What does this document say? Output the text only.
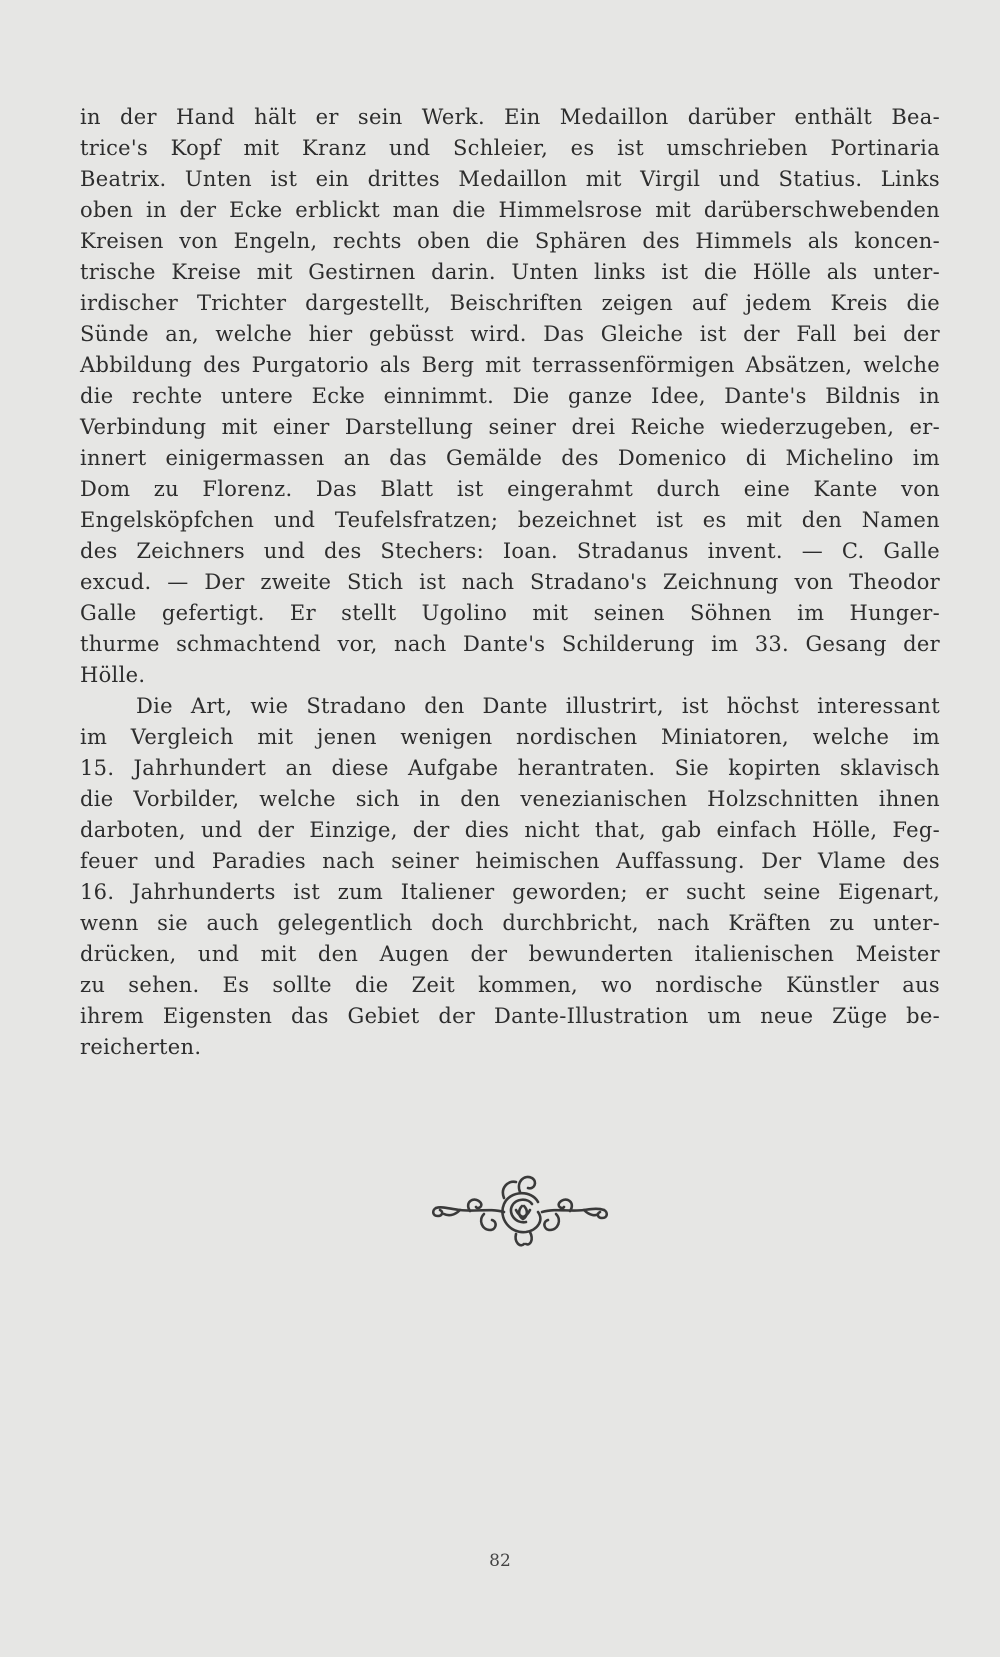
in der Hand hält er sein Werk. Ein Medaillon darüber enthält Bea-
trice's Kopf mit Kranz und Schleier, es ist umschrieben Portinaria
Beatrix. Unten ist ein drittes Medaillon mit Virgil und Statius. Links
oben in der Ecke erblickt man die Himmelsrose mit darüberschwebenden
Kreisen von Engeln, rechts oben die Sphären des Himmels als koncen-
trische Kreise mit Gestirnen darin. Unten links ist die Hölle als unter-
irdischer Trichter dargestellt, Beischriften zeigen auf jedem Kreis die
Sünde an, welche hier gebüsst wird. Das Gleiche ist der Fall bei der
Abbildung des Purgatorio als Berg mit terrassenförmigen Absätzen, welche
die rechte untere Ecke einnimmt. Die ganze Idee, Dante's Bildnis in
Verbindung mit einer Darstellung seiner drei Reiche wiederzugeben, er-
innert einigermassen an das Gemälde des Domenico di Michelino im
Dom zu Florenz. Das Blatt ist eingerahmt durch eine Kante von
Engelsköpfchen und Teufelsfratzen; bezeichnet ist es mit den Namen
des Zeichners und des Stechers: Ioan. Stradanus invent. — C. Galle
excud. — Der zweite Stich ist nach Stradano's Zeichnung von Theodor
Galle gefertigt. Er stellt Ugolino mit seinen Söhnen im Hunger-
thurme schmachtend vor, nach Dante's Schilderung im 33. Gesang der
Hölle.
Die Art, wie Stradano den Dante illustrirt, ist höchst interessant
im Vergleich mit jenen wenigen nordischen Miniatoren, welche im
15. Jahrhundert an diese Aufgabe herantraten. Sie kopirten sklavisch
die Vorbilder, welche sich in den venezianischen Holzschnitten ihnen
darboten, und der Einzige, der dies nicht that, gab einfach Hölle, Feg-
feuer und Paradies nach seiner heimischen Auffassung. Der Vlame des
16. Jahrhunderts ist zum Italiener geworden; er sucht seine Eigenart,
wenn sie auch gelegentlich doch durchbricht, nach Kräften zu unter-
drücken, und mit den Augen der bewunderten italienischen Meister
zu sehen. Es sollte die Zeit kommen, wo nordische Künstler aus
ihrem Eigensten das Gebiet der Dante-Illustration um neue Züge be-
reicherten.
82
